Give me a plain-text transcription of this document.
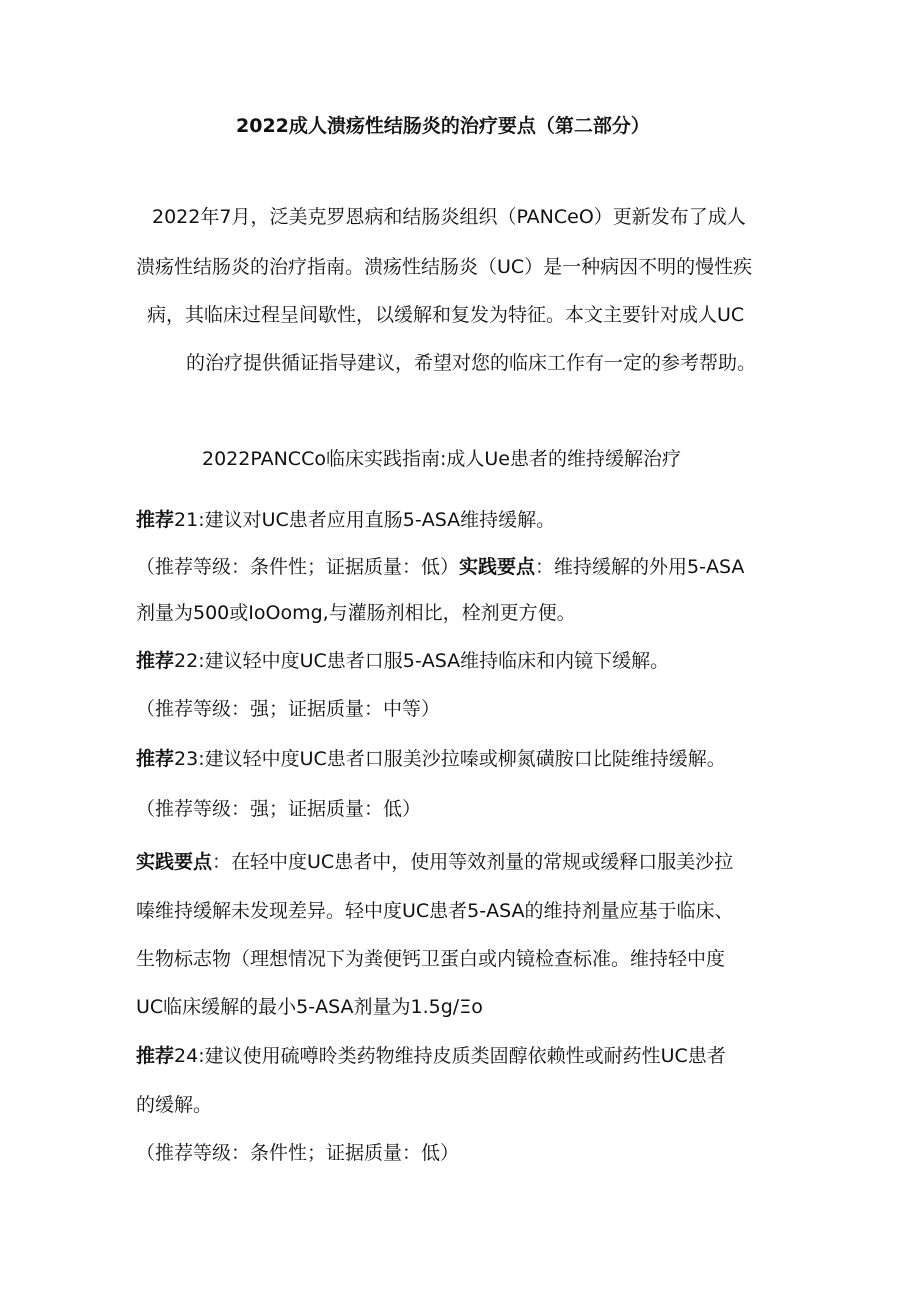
2022成人溃疡性结肠炎的治疗要点（第二部分）
2022年7月，泛美克罗恩病和结肠炎组织（PANCeO）更新发布了成人
溃疡性结肠炎的治疗指南。溃疡性结肠炎（UC）是一种病因不明的慢性疾
病，其临床过程呈间歇性，以缓解和复发为特征。本文主要针对成人UC
的治疗提供循证指导建议，希望对您的临床工作有一定的参考帮助。
2022PANCCo临床实践指南:成人Ue患者的维持缓解治疗
推荐21:建议对UC患者应用直肠5-ASA维持缓解。
（推荐等级：条件性；证据质量：低）实践要点：维持缓解的外用5-ASA
剂量为500或IoOomg,与灌肠剂相比，栓剂更方便。
推荐22:建议轻中度UC患者口服5-ASA维持临床和内镜下缓解。
（推荐等级：强；证据质量：中等）
推荐23:建议轻中度UC患者口服美沙拉嗪或柳氮磺胺口比陡维持缓解。
（推荐等级：强；证据质量：低）
实践要点：在轻中度UC患者中，使用等效剂量的常规或缓释口服美沙拉
嗪维持缓解未发现差异。轻中度UC患者5-ASA的维持剂量应基于临床、
生物标志物（理想情况下为粪便钙卫蛋白或内镜检查标准。维持轻中度
UC临床缓解的最小5-ASA剂量为1.5g∕Ξo
推荐24:建议使用硫噂昤类药物维持皮质类固醇依赖性或耐药性UC患者
的缓解。
（推荐等级：条件性；证据质量：低）
